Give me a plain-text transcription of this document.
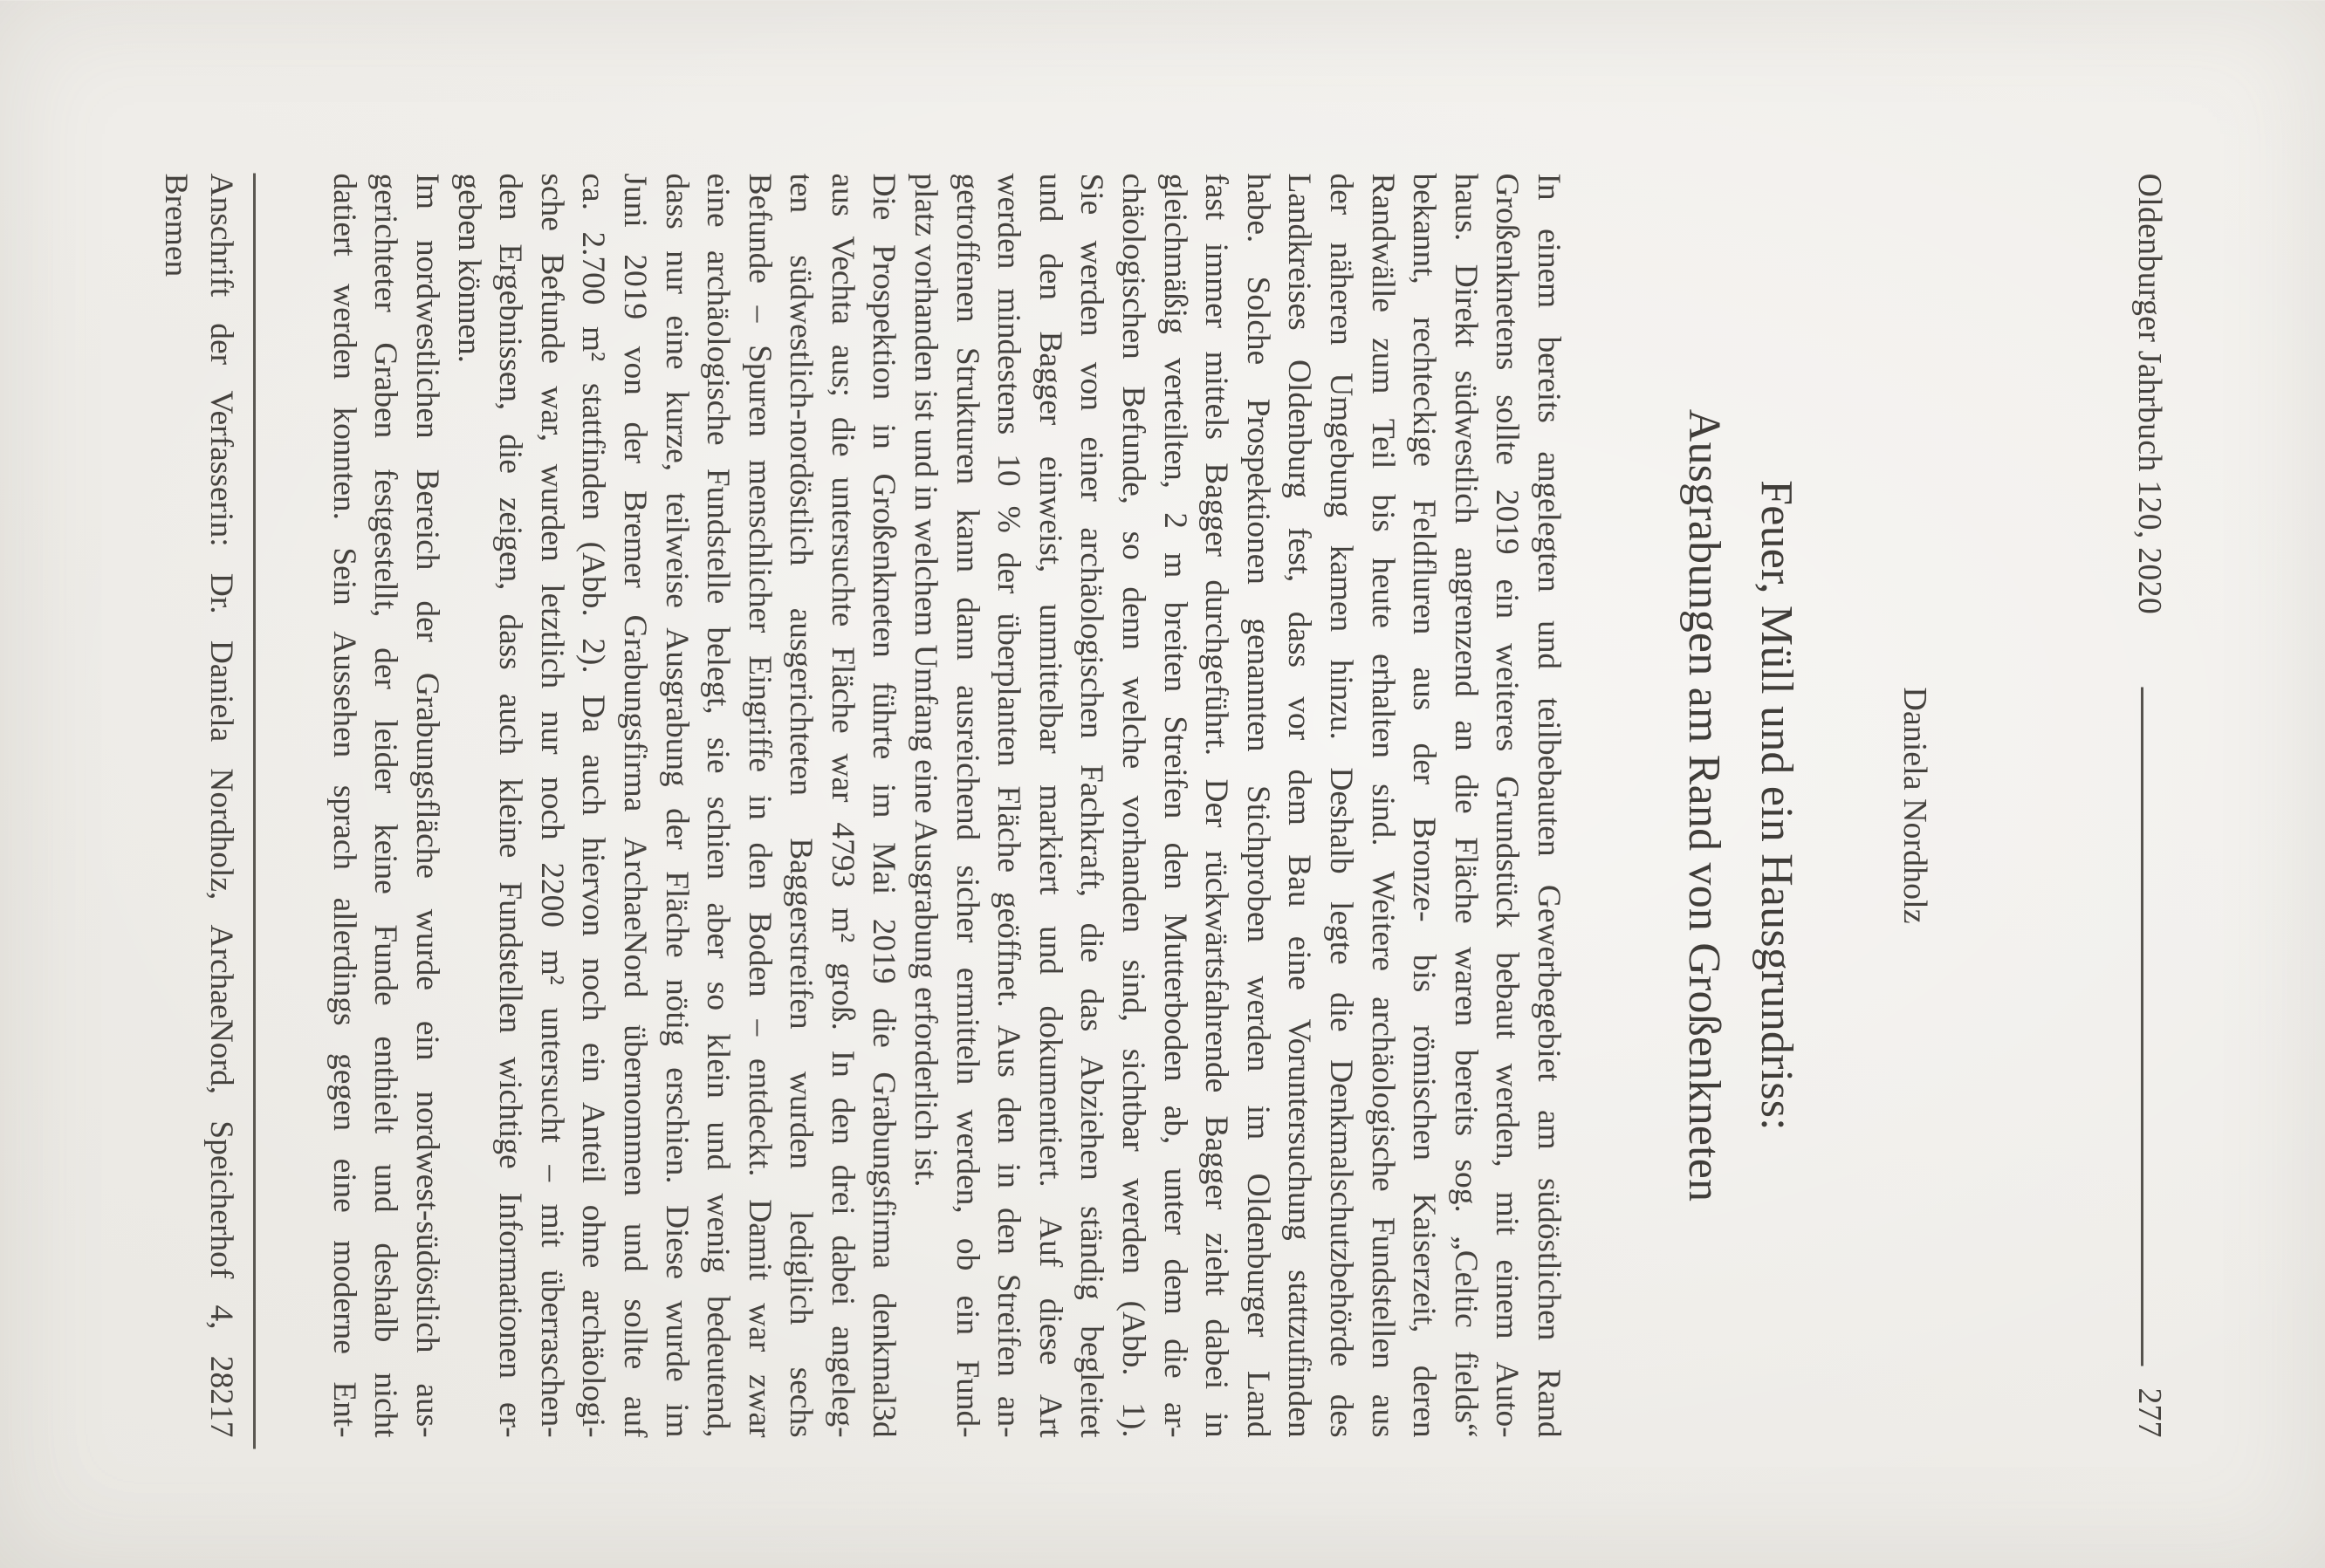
Oldenburger Jahrbuch 120, 2020
277
Daniela Nordholz
Feuer, Müll und ein Hausgrundriss:
Ausgrabungen am Rand von Großenkneten
In einem bereits angelegten und teilbebauten Gewerbegebiet am südöstlichen Rand
Großenknetens sollte 2019 ein weiteres Grundstück bebaut werden, mit einem Auto-
haus. Direkt südwestlich angrenzend an die Fläche waren bereits sog. „Celtic fields“
bekannt, rechteckige Feldfluren aus der Bronze- bis römischen Kaiserzeit, deren
Randwälle zum Teil bis heute erhalten sind. Weitere archäologische Fundstellen aus
der näheren Umgebung kamen hinzu. Deshalb legte die Denkmalschutzbehörde des
Landkreises Oldenburg fest, dass vor dem Bau eine Voruntersuchung stattzufinden
habe. Solche Prospektionen genannten Stichproben werden im Oldenburger Land
fast immer mittels Bagger durchgeführt. Der rückwärtsfahrende Bagger zieht dabei in
gleichmäßig verteilten, 2 m breiten Streifen den Mutterboden ab, unter dem die ar-
chäologischen Befunde, so denn welche vorhanden sind, sichtbar werden (Abb. 1).
Sie werden von einer archäologischen Fachkraft, die das Abziehen ständig begleitet
und den Bagger einweist, unmittelbar markiert und dokumentiert. Auf diese Art
werden mindestens 10 % der überplanten Fläche geöffnet. Aus den in den Streifen an-
getroffenen Strukturen kann dann ausreichend sicher ermitteln werden, ob ein Fund-
platz vorhanden ist und in welchem Umfang eine Ausgrabung erforderlich ist.
Die Prospektion in Großenkneten führte im Mai 2019 die Grabungsfirma denkmal3d
aus Vechta aus; die untersuchte Fläche war 4793 m² groß. In den drei dabei angeleg-
ten südwestlich-nordöstlich ausgerichteten Baggerstreifen wurden lediglich sechs
Befunde – Spuren menschlicher Eingriffe in den Boden – entdeckt. Damit war zwar
eine archäologische Fundstelle belegt, sie schien aber so klein und wenig bedeutend,
dass nur eine kurze, teilweise Ausgrabung der Fläche nötig erschien. Diese wurde im
Juni 2019 von der Bremer Grabungsfirma ArchaeNord übernommen und sollte auf
ca. 2.700 m² stattfinden (Abb. 2). Da auch hiervon noch ein Anteil ohne archäologi-
sche Befunde war, wurden letztlich nur noch 2200 m² untersucht – mit überraschen-
den Ergebnissen, die zeigen, dass auch kleine Fundstellen wichtige Informationen er-
geben können.
Im nordwestlichen Bereich der Grabungsfläche wurde ein nordwest-südöstlich aus-
gerichteter Graben festgestellt, der leider keine Funde enthielt und deshalb nicht
datiert werden konnten. Sein Aussehen sprach allerdings gegen eine moderne Ent-
Anschrift der Verfasserin: Dr. Daniela Nordholz, ArchaeNord, Speicherhof 4, 28217
Bremen
